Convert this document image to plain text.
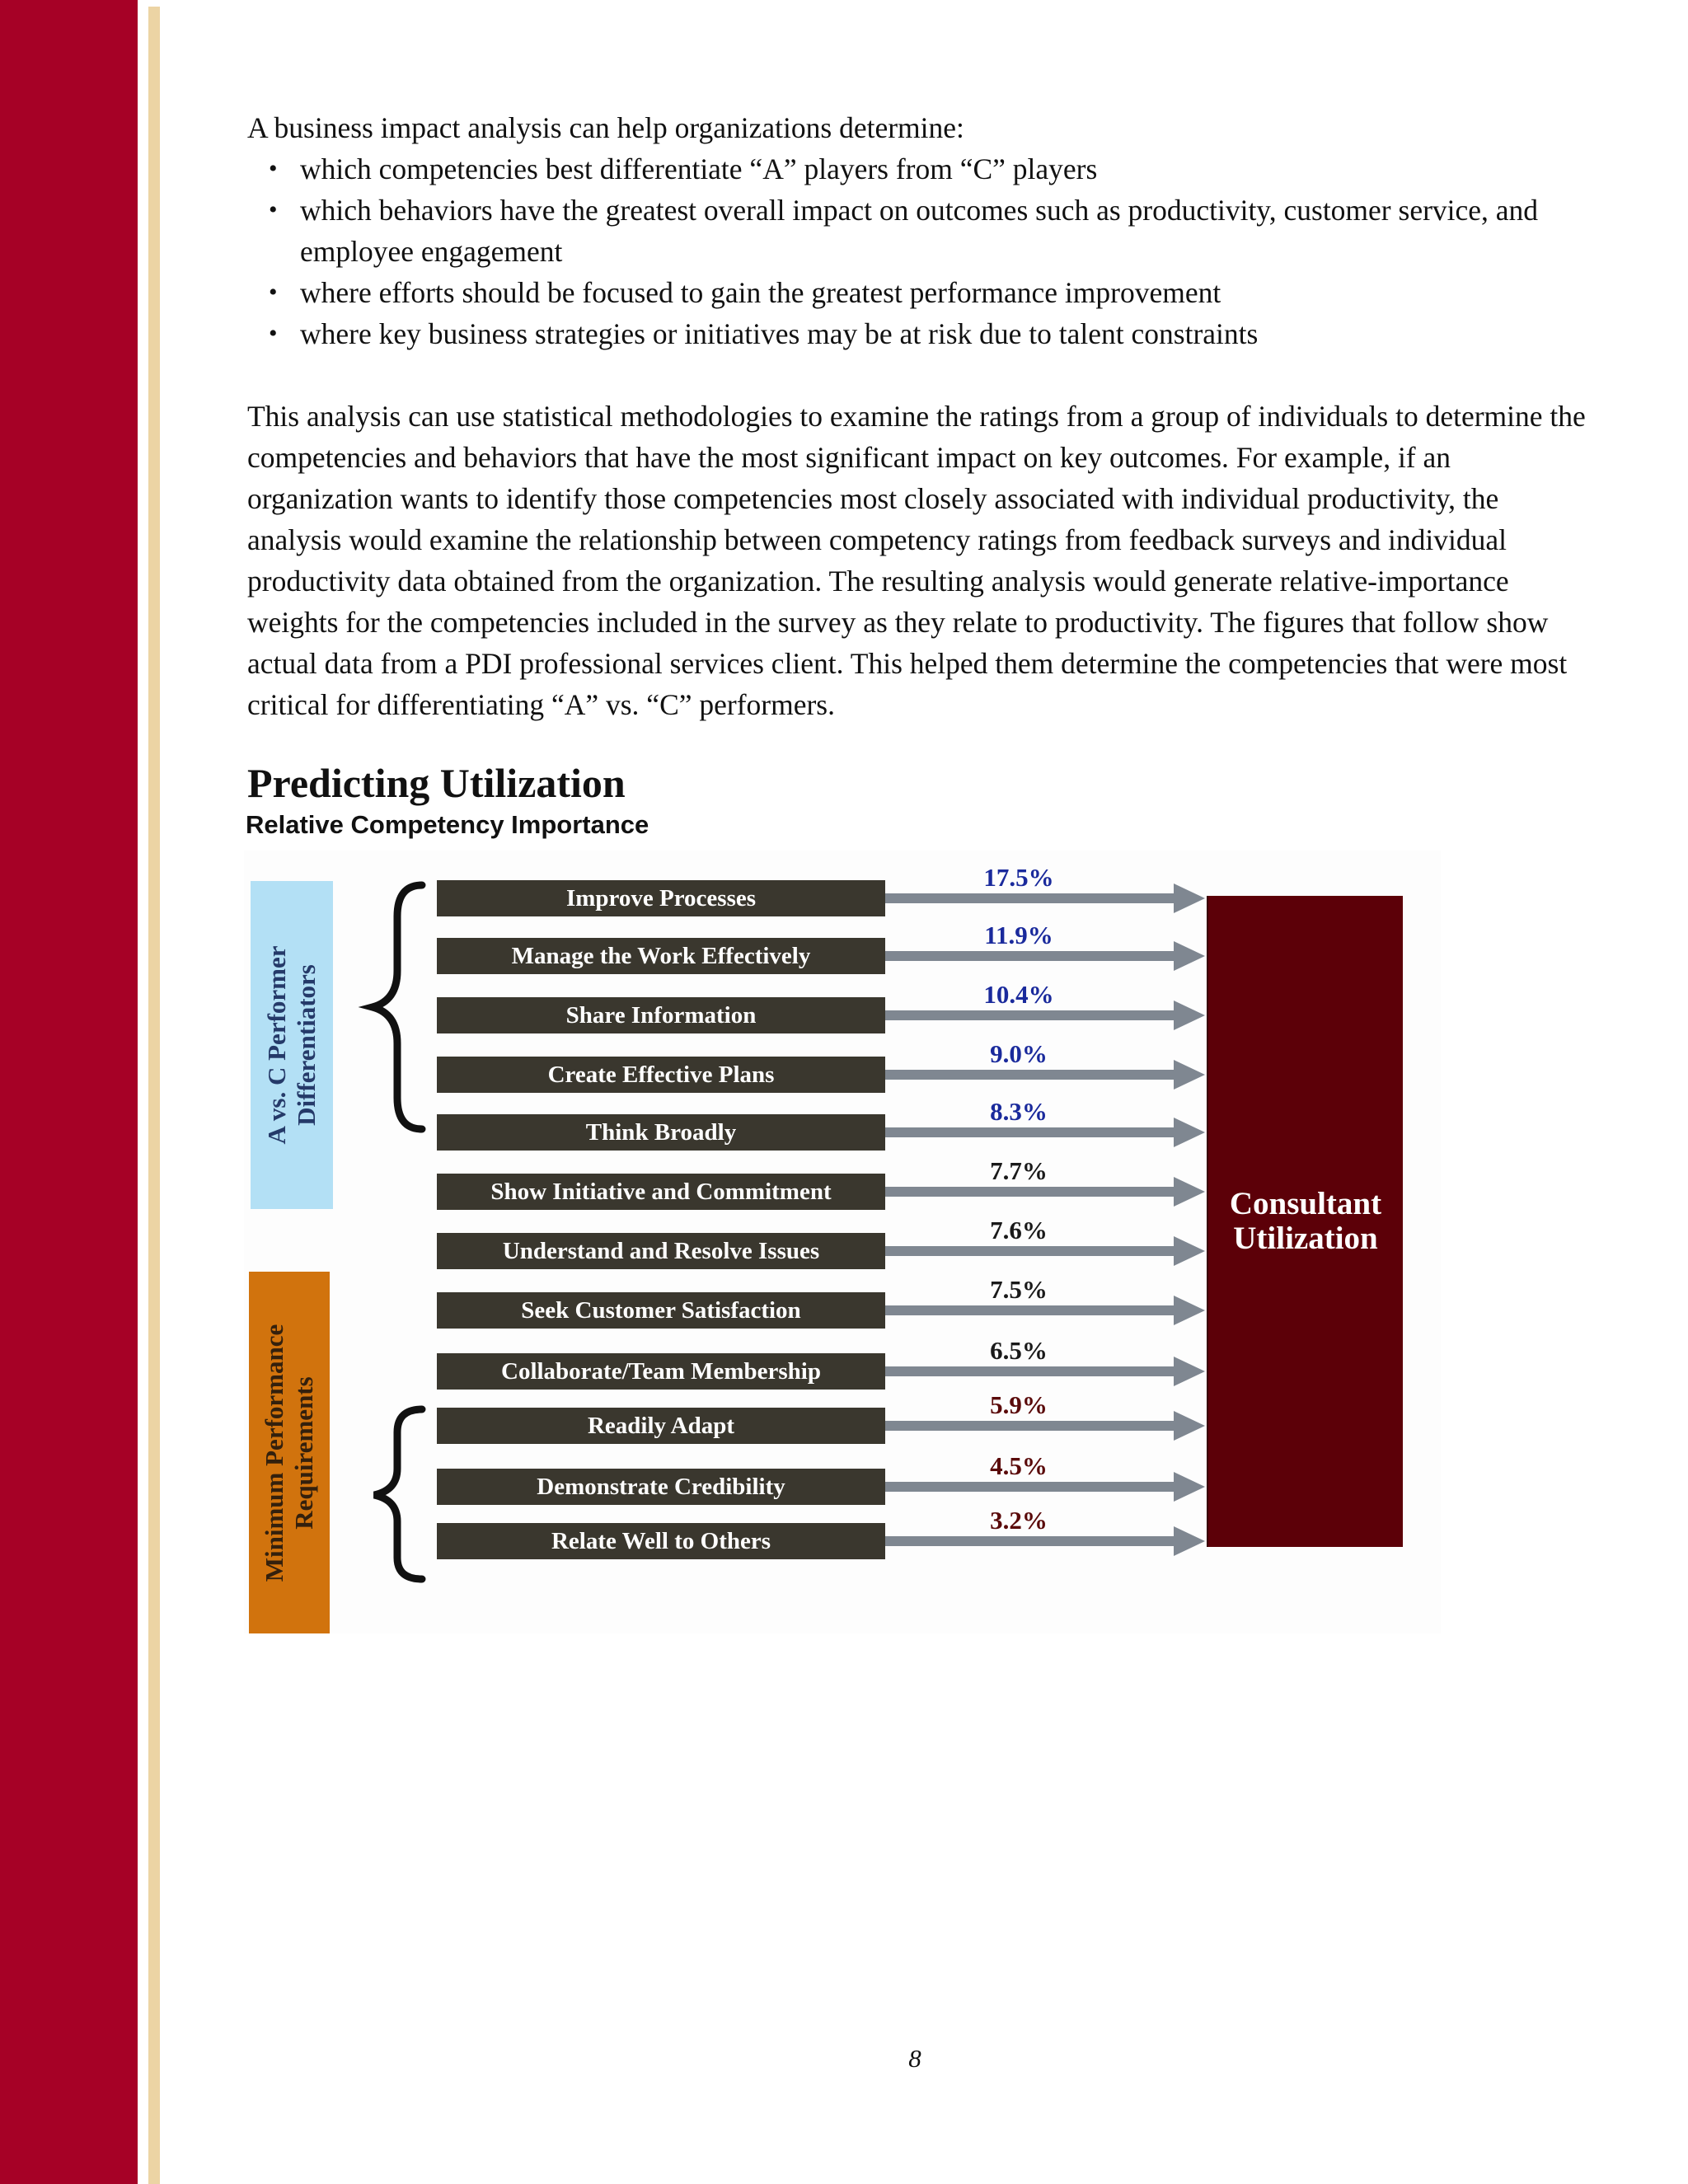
A business impact analysis can help organizations determine:

• which competencies best differentiate “A” players from “C” players
• which behaviors have the greatest overall impact on outcomes such as productivity, customer service, and employee engagement
• where efforts should be focused to gain the greatest performance improvement
• where key business strategies or initiatives may be at risk due to talent constraints

This analysis can use statistical methodologies to examine the ratings from a group of individuals to determine the competencies and behaviors that have the most significant impact on key outcomes. For example, if an organization wants to identify those competencies most closely associated with individual productivity, the analysis would examine the relationship between competency ratings from feedback surveys and individual productivity data obtained from the organization. The resulting analysis would generate relative-importance weights for the competencies included in the survey as they relate to productivity. The figures that follow show actual data from a PDI professional services client. This helped them determine the competencies that were most critical for differentiating “A” vs. “C” performers.

Predicting Utilization
Relative Competency Importance
A vs. C Performer
Differentiators
Minimum Performance
Requirements
Improve Processes
17.5%
Manage the Work Effectively
11.9%
Share Information
10.4%
Create Effective Plans
9.0%
Think Broadly
8.3%
Show Initiative and Commitment
7.7%
Understand and Resolve Issues
7.6%
Seek Customer Satisfaction
7.5%
Collaborate/Team Membership
6.5%
Readily Adapt
5.9%
Demonstrate Credibility
4.5%
Relate Well to Others
3.2%
Consultant
Utilization
8
